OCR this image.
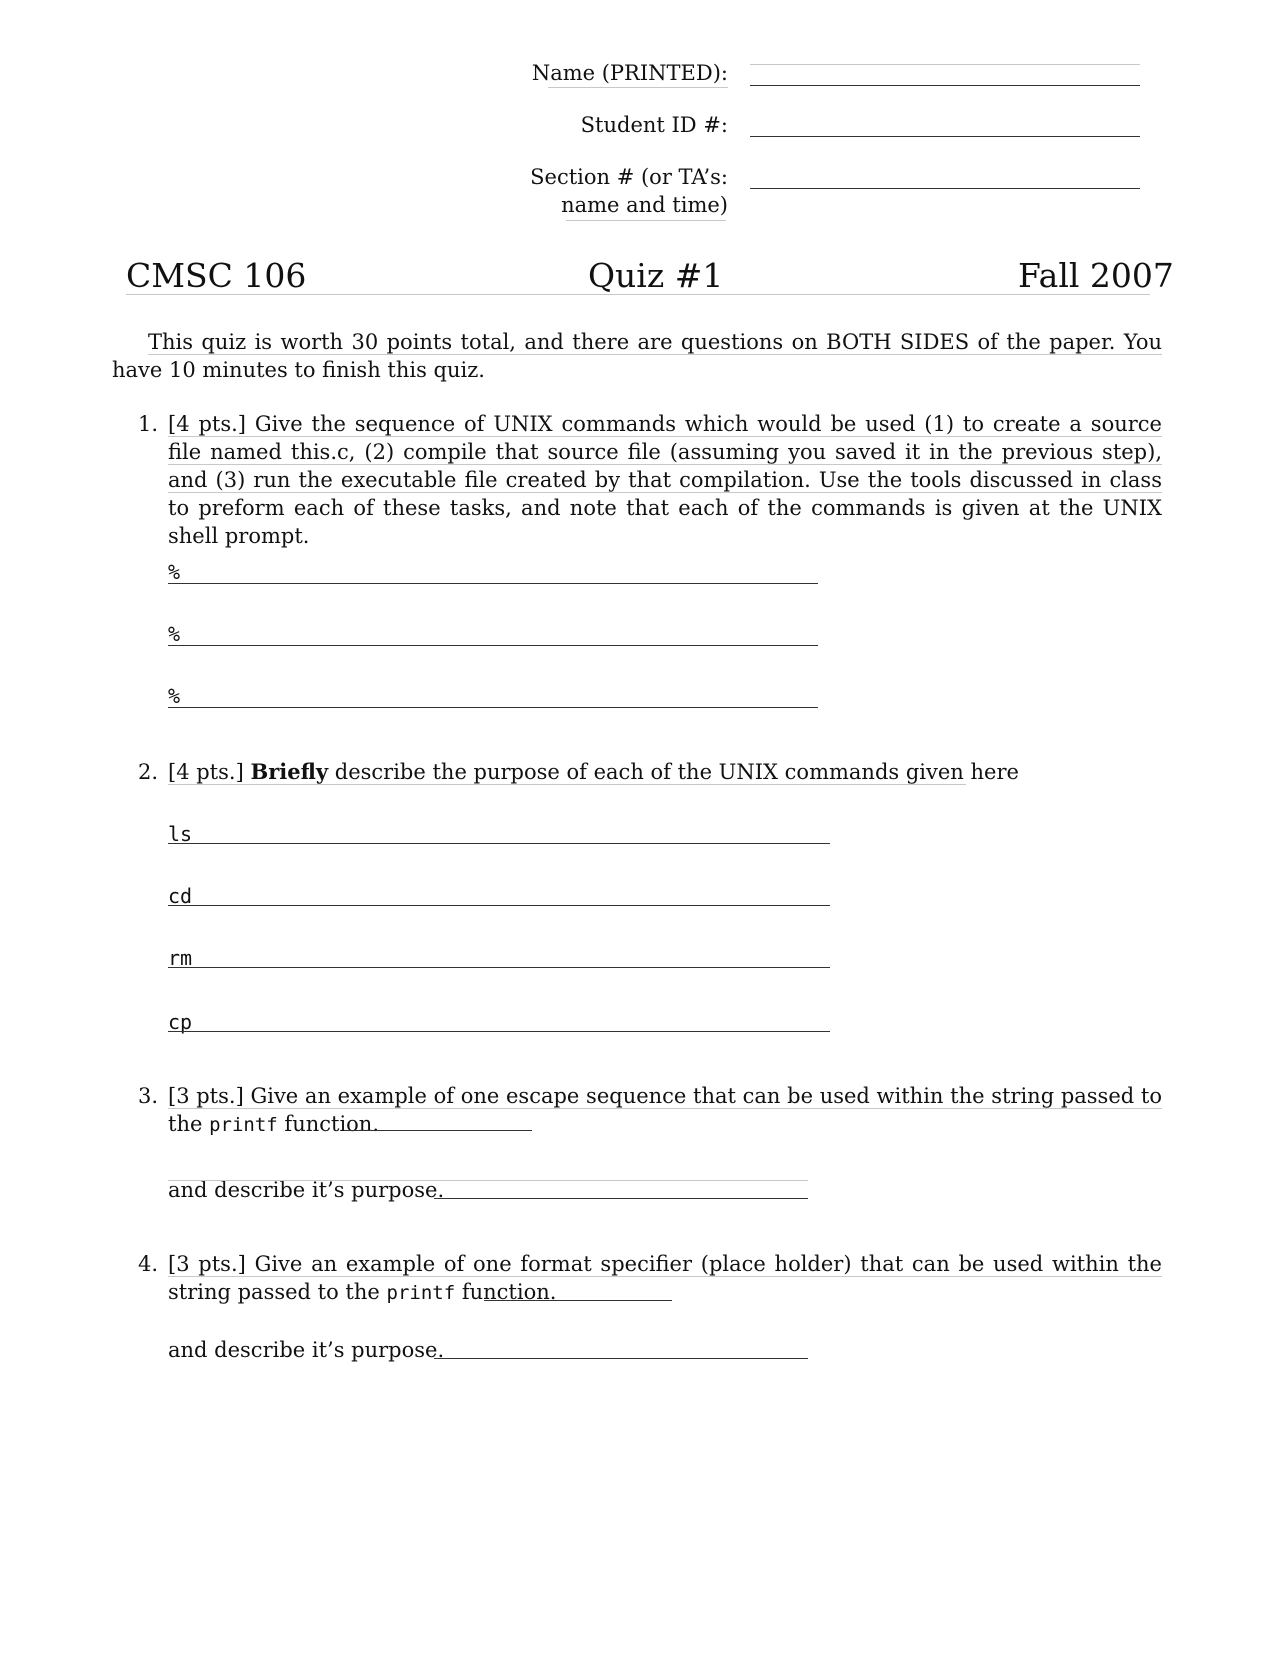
Name (PRINTED):
Student ID #:
Section # (or TA’s:
name and time)
CMSC 106	Quiz #1	Fall 2007

This quiz is worth 30 points total, and there are questions on BOTH SIDES of the paper. You have 10 minutes to finish this quiz.

1. [4 pts.] Give the sequence of UNIX commands which would be used (1) to create a source file named this.c, (2) compile that source file (assuming you saved it in the previous step), and (3) run the executable file created by that compilation. Use the tools discussed in class to preform each of these tasks, and note that each of the commands is given at the UNIX shell prompt.

%
%
%
2. [4 pts.] Briefly describe the purpose of each of the UNIX commands given here

ls
cd
rm
cp
3. [3 pts.] Give an example of one escape sequence that can be used within the string passed to the printf function.

and describe it’s purpose.
4. [3 pts.] Give an example of one format specifier (place holder) that can be used within the string passed to the printf function.

and describe it’s purpose.
